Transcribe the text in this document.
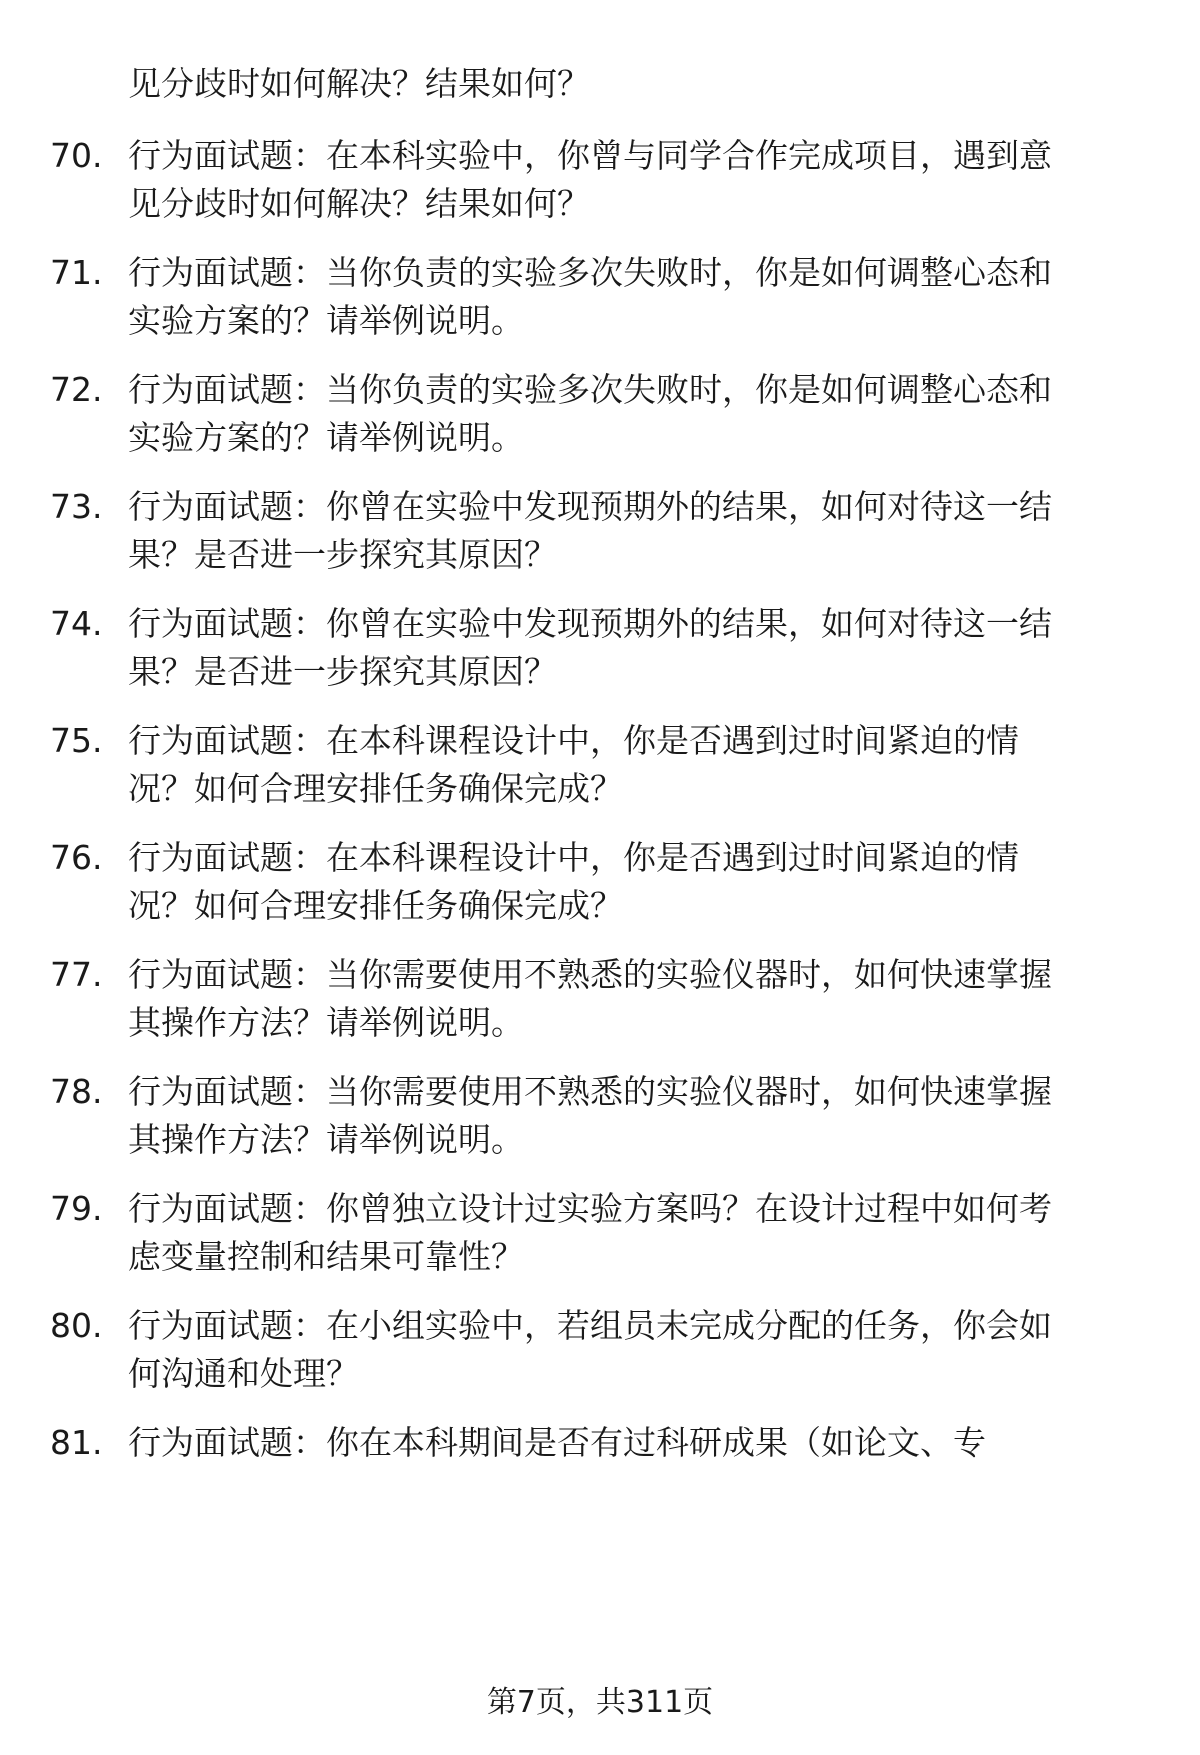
见分歧时如何解决？结果如何？
70. 行为面试题：在本科实验中，你曾与同学合作完成项目，遇到意
见分歧时如何解决？结果如何？
71. 行为面试题：当你负责的实验多次失败时，你是如何调整心态和
实验方案的？请举例说明。
72. 行为面试题：当你负责的实验多次失败时，你是如何调整心态和
实验方案的？请举例说明。
73. 行为面试题：你曾在实验中发现预期外的结果，如何对待这一结
果？是否进一步探究其原因？
74. 行为面试题：你曾在实验中发现预期外的结果，如何对待这一结
果？是否进一步探究其原因？
75. 行为面试题：在本科课程设计中，你是否遇到过时间紧迫的情
况？如何合理安排任务确保完成？
76. 行为面试题：在本科课程设计中，你是否遇到过时间紧迫的情
况？如何合理安排任务确保完成？
77. 行为面试题：当你需要使用不熟悉的实验仪器时，如何快速掌握
其操作方法？请举例说明。
78. 行为面试题：当你需要使用不熟悉的实验仪器时，如何快速掌握
其操作方法？请举例说明。
79. 行为面试题：你曾独立设计过实验方案吗？在设计过程中如何考
虑变量控制和结果可靠性？
80. 行为面试题：在小组实验中，若组员未完成分配的任务，你会如
何沟通和处理？
81. 行为面试题：你在本科期间是否有过科研成果（如论文、专
第7页，共311页
